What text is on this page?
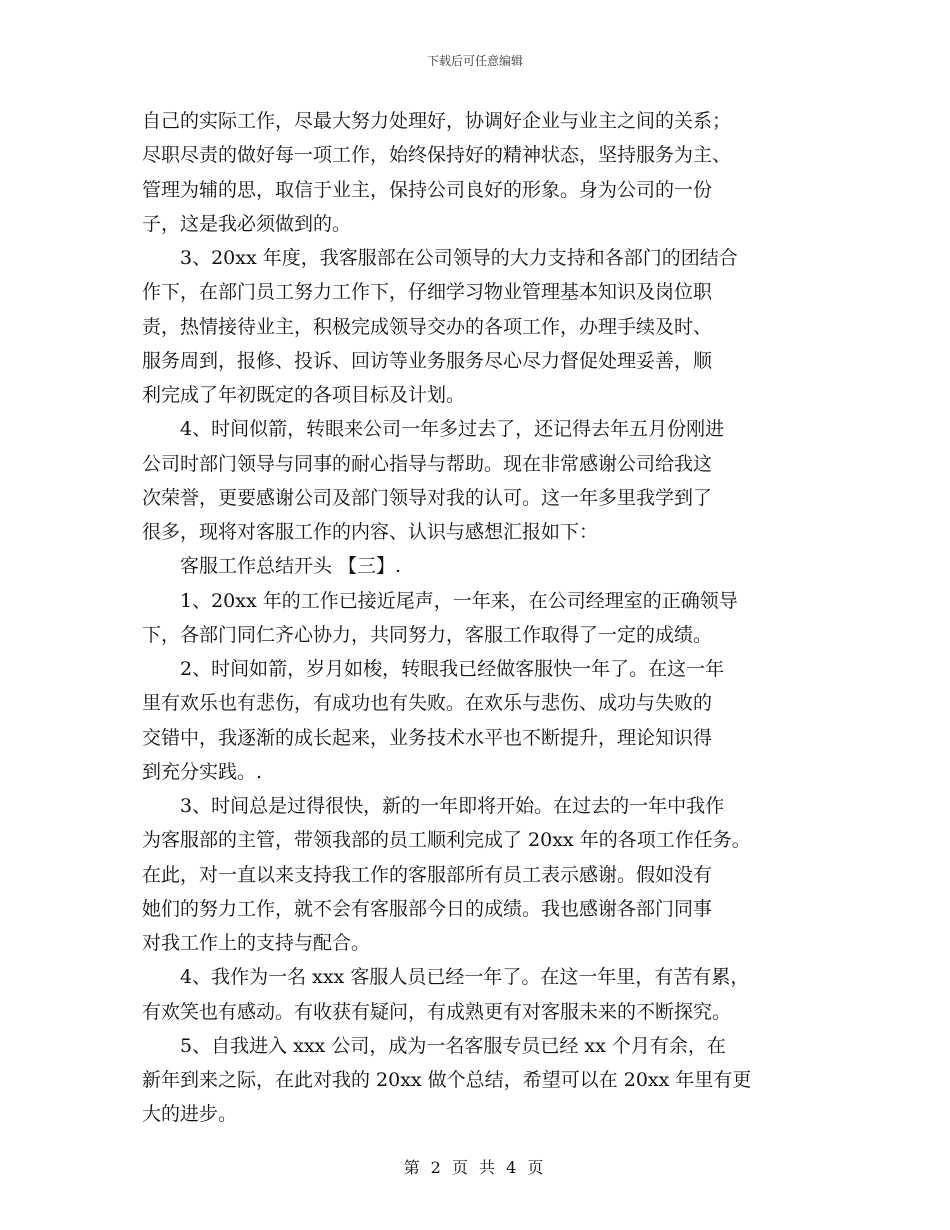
下载后可任意编辑
自己的实际工作，尽最大努力处理好，协调好企业与业主之间的关系；
尽职尽责的做好每一项工作，始终保持好的精神状态，坚持服务为主、
管理为辅的思，取信于业主，保持公司良好的形象。身为公司的一份
子，这是我必须做到的。
　　3、20xx 年度，我客服部在公司领导的大力支持和各部门的团结合
作下，在部门员工努力工作下，仔细学习物业管理基本知识及岗位职
责，热情接待业主，积极完成领导交办的各项工作，办理手续及时、
服务周到，报修、投诉、回访等业务服务尽心尽力督促处理妥善，顺
利完成了年初既定的各项目标及计划。
　　4、时间似箭，转眼来公司一年多过去了，还记得去年五月份刚进
公司时部门领导与同事的耐心指导与帮助。现在非常感谢公司给我这
次荣誉，更要感谢公司及部门领导对我的认可。这一年多里我学到了
很多，现将对客服工作的内容、认识与感想汇报如下：
　　客服工作总结开头 【三】.
　　1、20xx 年的工作已接近尾声，一年来，在公司经理室的正确领导
下，各部门同仁齐心协力，共同努力，客服工作取得了一定的成绩。
　　2、时间如箭，岁月如梭，转眼我已经做客服快一年了。在这一年
里有欢乐也有悲伤，有成功也有失败。在欢乐与悲伤、成功与失败的
交错中，我逐渐的成长起来，业务技术水平也不断提升，理论知识得
到充分实践。.
　　3、时间总是过得很快，新的一年即将开始。在过去的一年中我作
为客服部的主管，带领我部的员工顺利完成了 20xx 年的各项工作任务。
在此，对一直以来支持我工作的客服部所有员工表示感谢。假如没有
她们的努力工作，就不会有客服部今日的成绩。我也感谢各部门同事
对我工作上的支持与配合。
　　4、我作为一名 xxx 客服人员已经一年了。在这一年里，有苦有累，
有欢笑也有感动。有收获有疑问，有成熟更有对客服未来的不断探究。
　　5、自我进入 xxx 公司，成为一名客服专员已经 xx 个月有余，在
新年到来之际，在此对我的 20xx 做个总结，希望可以在 20xx 年里有更
大的进步。
第 2 页 共 4 页
